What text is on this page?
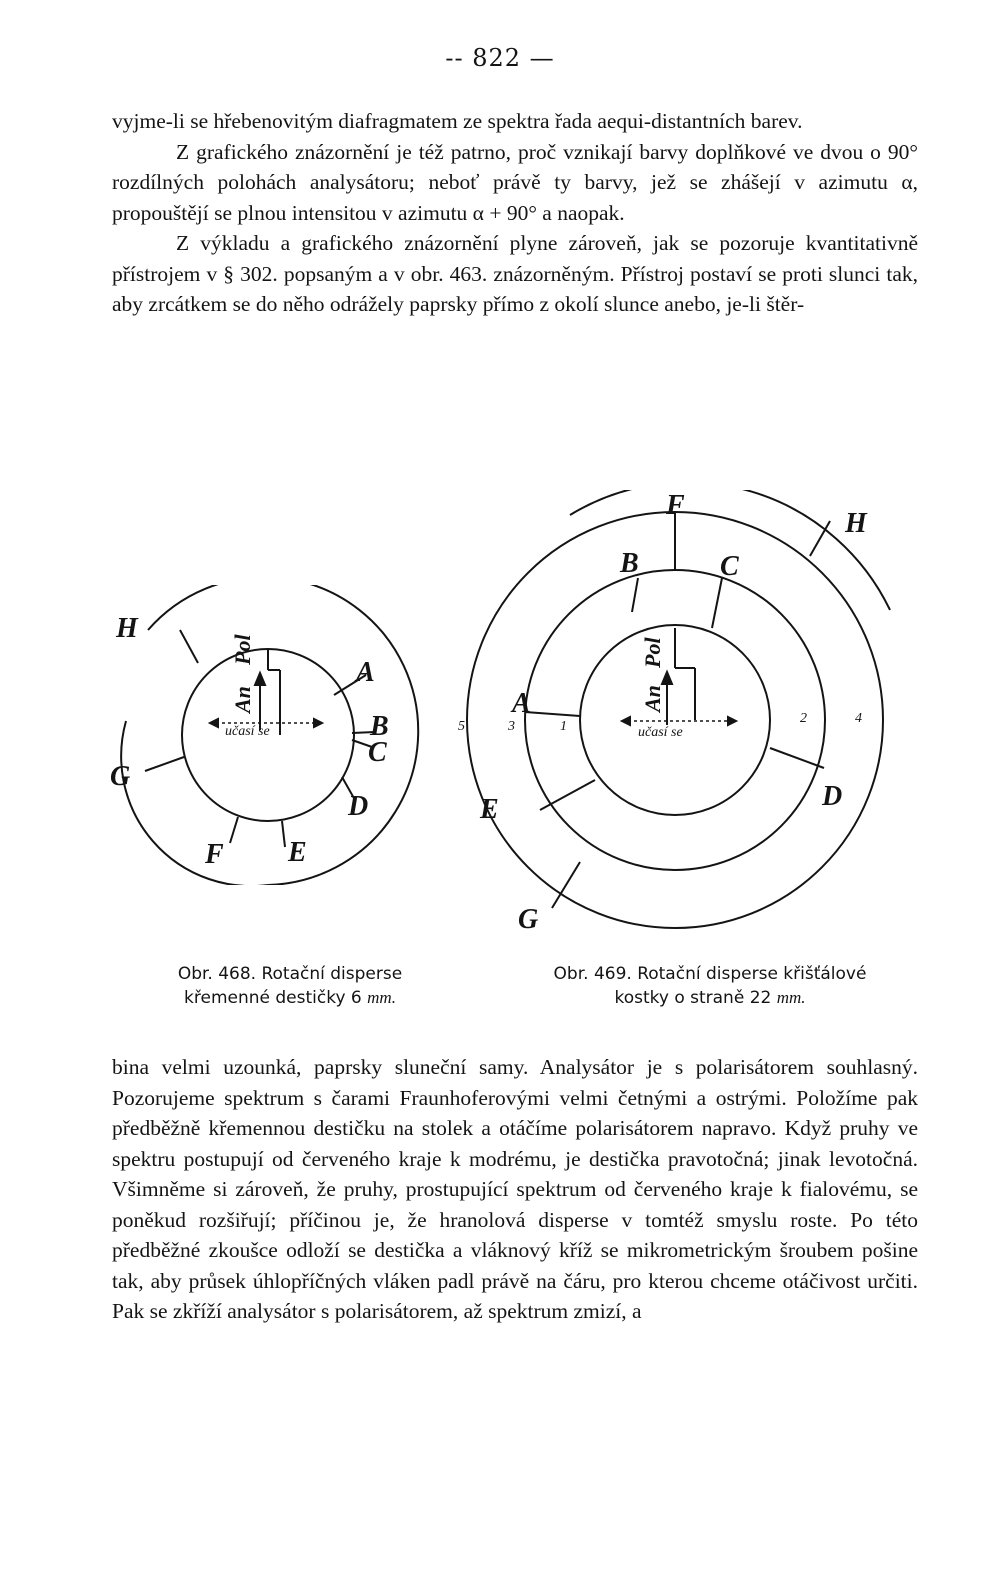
-- 822 —

vyjme-li se hřebenovitým diafragmatem ze spektra řada aequi-distantních barev.

Z grafického znázornění je též patrno, proč vznikají barvy doplňkové ve dvou o 90° rozdílných polohách analysátoru; neboť právě ty barvy, jež se zhášejí v azimutu α, propouštějí se plnou intensitou v azimutu α + 90° a naopak.

Z výkladu a grafického znázornění plyne zároveň, jak se pozoruje kvantitativně přístrojem v § 302. popsaným a v obr. 463. znázorněným. Přístroj postaví se proti slunci tak, aby zrcátkem se do něho odrážely paprsky přímo z okolí slunce anebo, je-li štěr-

Pol
An
učasí se
H
A
B
C
G
D
F E
Obr. 468. Rotační disperse
křemenné destičky 6 mm.
Pol
An
učasí se
F
H
B	C
A
E	D
G
5	3	1
2	4
Obr. 469. Rotační disperse křišťálové
kostky o straně 22 mm.

bina velmi uzounká, paprsky sluneční samy. Analysátor je s polarisátorem souhlasný. Pozorujeme spektrum s čarami Fraunhoferovými velmi četnými a ostrými. Položíme pak předběžně křemennou destičku na stolek a otáčíme polarisátorem napravo. Když pruhy ve spektru postupují od červeného kraje k modrému, je destička pravotočná; jinak levotočná. Všimněme si zároveň, že pruhy, prostupující spektrum od červeného kraje k fialovému, se poněkud rozšiřují; příčinou je, že hranolová disperse v tomtéž smyslu roste. Po této předběžné zkoušce odloží se destička a vláknový kříž se mikrometrickým šroubem pošine tak, aby průsek úhlopříčných vláken padl právě na čáru, pro kterou chceme otáčivost určiti. Pak se zkříží analysátor s polarisátorem, až spektrum zmizí, a
